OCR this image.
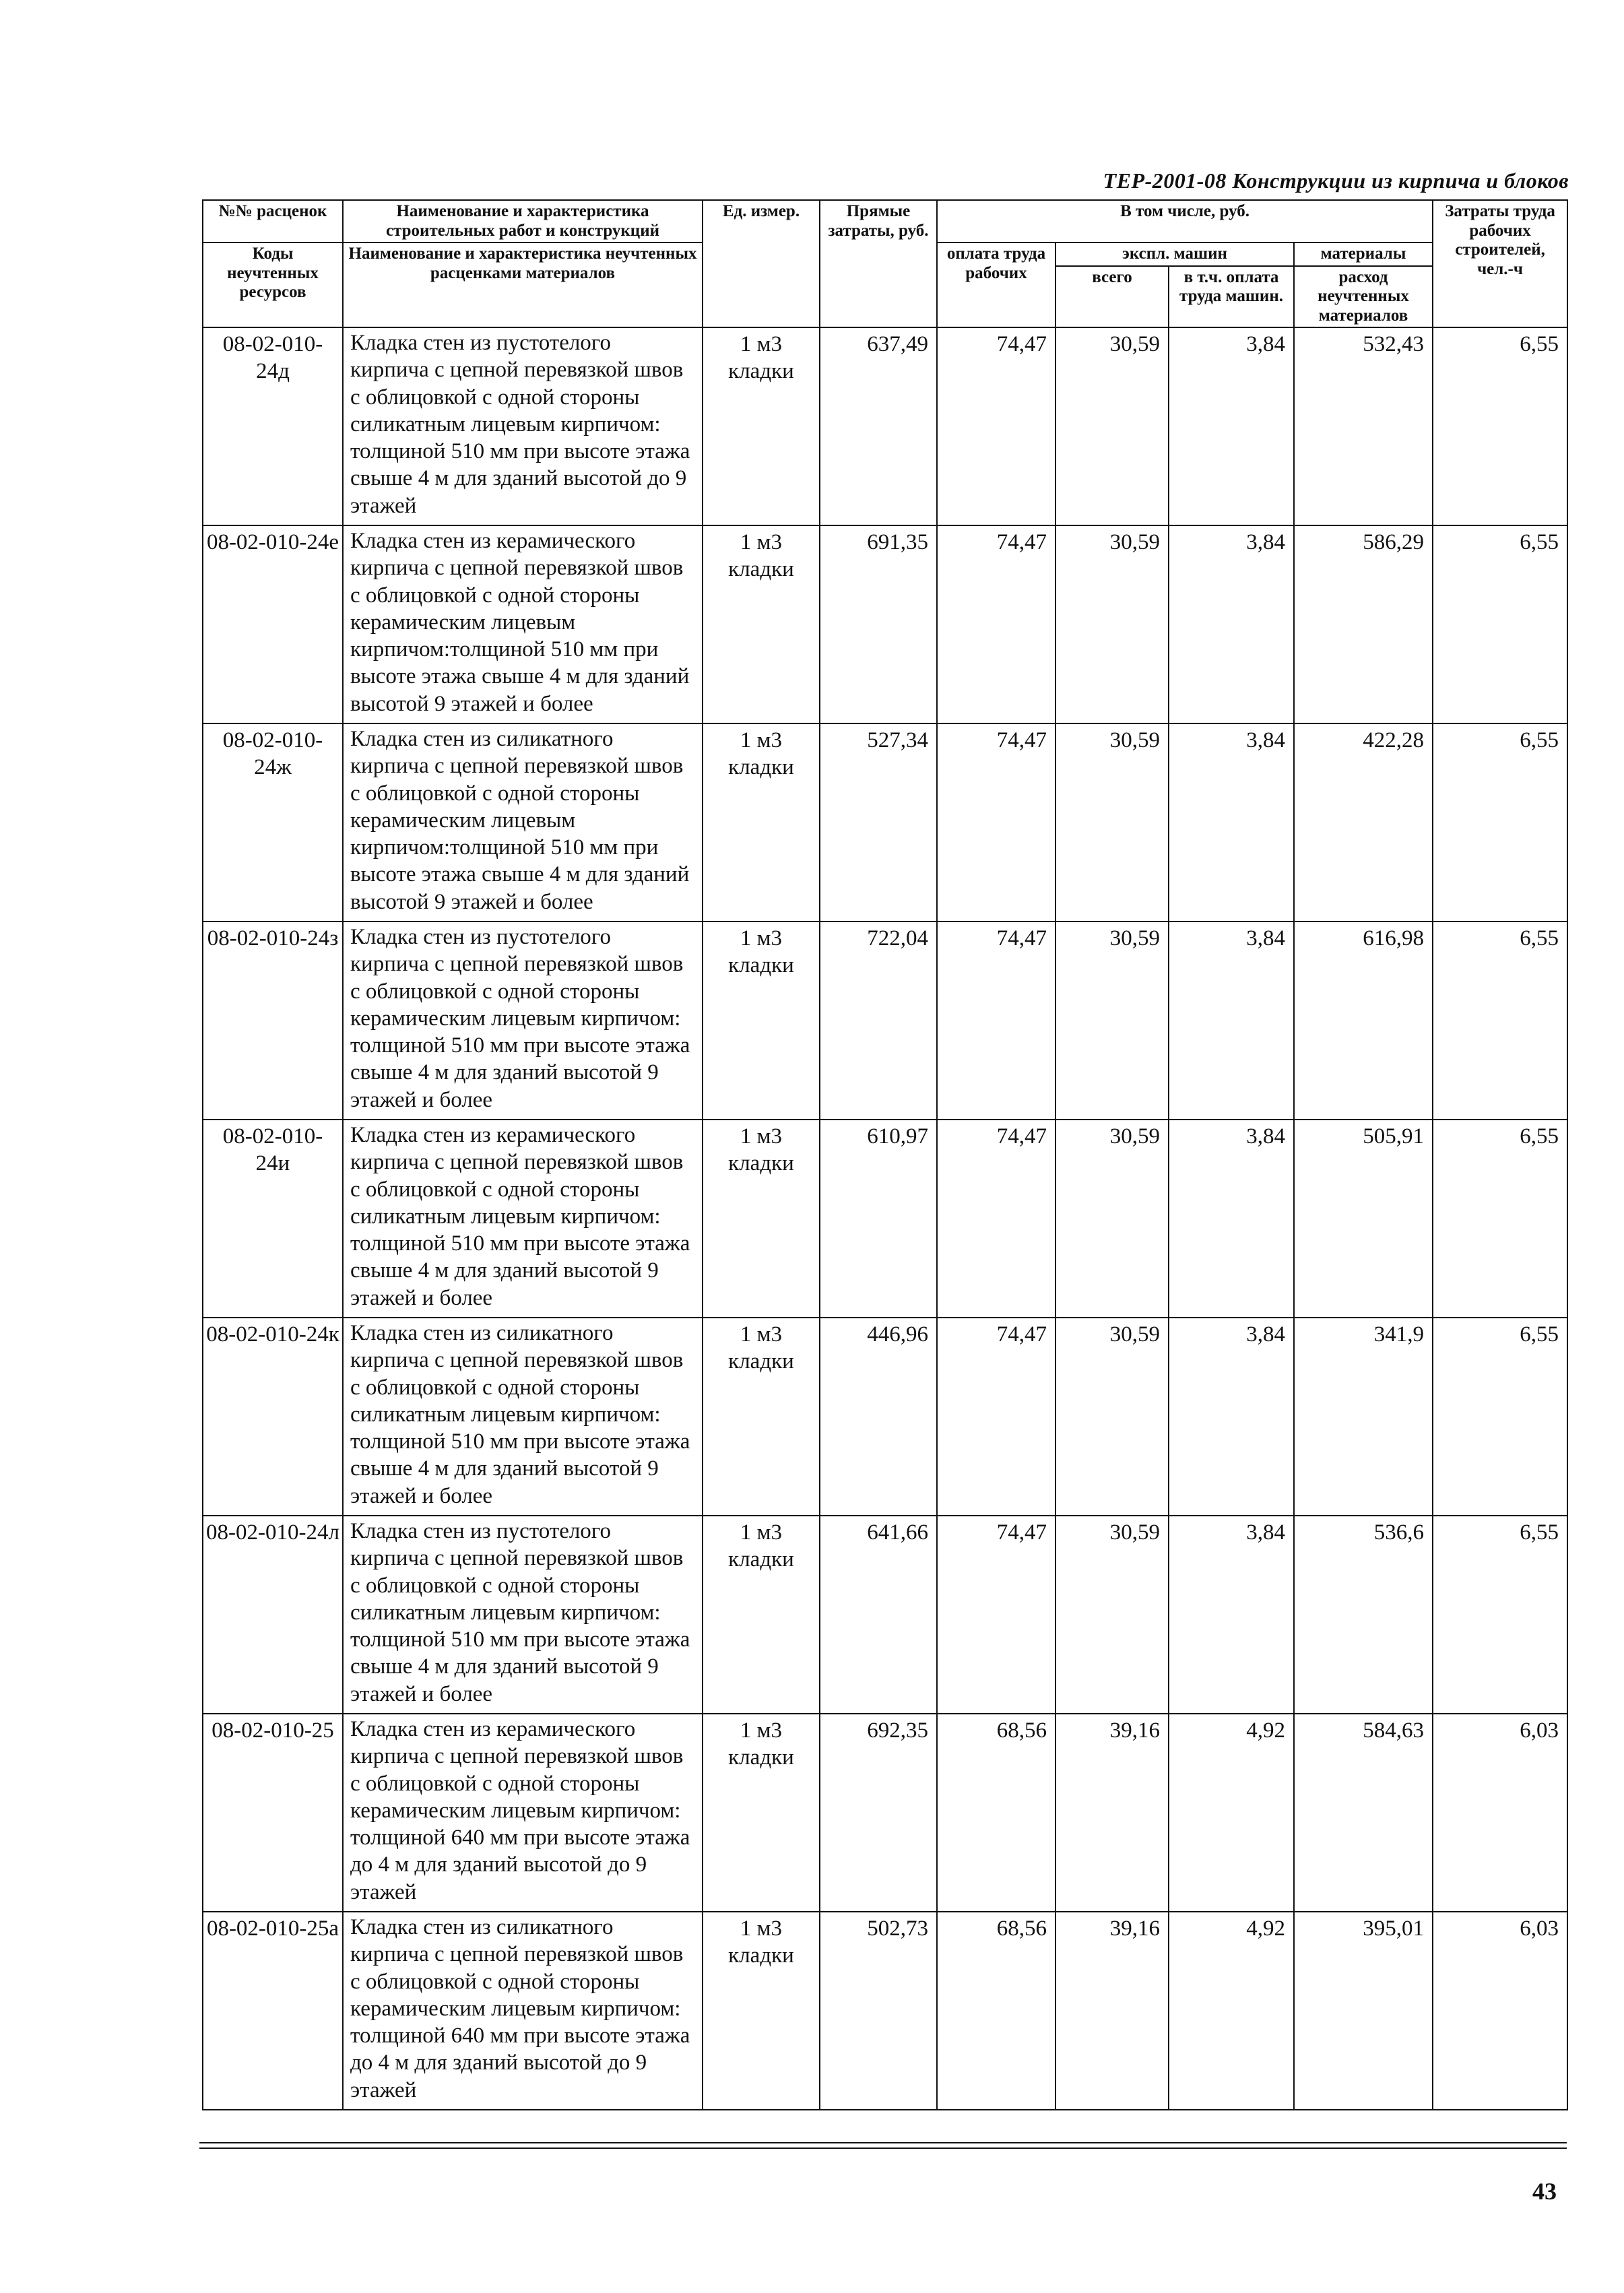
ТЕР-2001-08 Конструкции из кирпича и блоков
№№ расценок	Наименование и характеристика строительных работ и конструкций	Ед. измер.	Прямые затраты, руб.	В том числе, руб.				Затраты труда рабочих строителей, чел.-ч
Коды неучтенных ресурсов	Наименование и характеристика неучтенных расценками материалов			оплата труда рабочих	экспл. машин		материалы	
					всего	в т.ч. оплата труда машин.	расход неучтенных материалов	

08-02-010-24д	Кладка стен из пустотелого кирпича с цепной перевязкой швов с облицовкой с одной стороны силикатным лицевым кирпичом: толщиной 510 мм при высоте этажа свыше 4 м для зданий высотой до 9 этажей	1 м3 кладки	637,49	74,47	30,59	3,84	532,43	6,55
08-02-010-24е	Кладка стен из керамического кирпича с цепной перевязкой швов с облицовкой с одной стороны керамическим лицевым кирпичом:толщиной 510 мм при высоте этажа свыше 4 м для зданий высотой 9 этажей и более	1 м3 кладки	691,35	74,47	30,59	3,84	586,29	6,55
08-02-010-24ж	Кладка стен из силикатного кирпича с цепной перевязкой швов с облицовкой с одной стороны керамическим лицевым кирпичом:толщиной 510 мм при высоте этажа свыше 4 м для зданий высотой 9 этажей и более	1 м3 кладки	527,34	74,47	30,59	3,84	422,28	6,55
08-02-010-24з	Кладка стен из пустотелого кирпича с цепной перевязкой швов с облицовкой с одной стороны керамическим лицевым кирпичом: толщиной 510 мм при высоте этажа свыше 4 м для зданий высотой 9 этажей и более	1 м3 кладки	722,04	74,47	30,59	3,84	616,98	6,55
08-02-010-24и	Кладка стен из керамического кирпича с цепной перевязкой швов с облицовкой с одной стороны силикатным лицевым кирпичом: толщиной 510 мм при высоте этажа свыше 4 м для зданий высотой 9 этажей и более	1 м3 кладки	610,97	74,47	30,59	3,84	505,91	6,55
08-02-010-24к	Кладка стен из силикатного кирпича с цепной перевязкой швов с облицовкой с одной стороны силикатным лицевым кирпичом: толщиной 510 мм при высоте этажа свыше 4 м для зданий высотой 9 этажей и более	1 м3 кладки	446,96	74,47	30,59	3,84	341,9	6,55
08-02-010-24л	Кладка стен из пустотелого кирпича с цепной перевязкой швов с облицовкой с одной стороны силикатным лицевым кирпичом: толщиной 510 мм при высоте этажа свыше 4 м для зданий высотой 9 этажей и более	1 м3 кладки	641,66	74,47	30,59	3,84	536,6	6,55
08-02-010-25	Кладка стен из керамического кирпича с цепной перевязкой швов с облицовкой с одной стороны керамическим лицевым кирпичом: толщиной 640 мм при высоте этажа до 4 м для зданий высотой до 9 этажей	1 м3 кладки	692,35	68,56	39,16	4,92	584,63	6,03
08-02-010-25а	Кладка стен из силикатного кирпича с цепной перевязкой швов с облицовкой с одной стороны керамическим лицевым кирпичом: толщиной 640 мм при высоте этажа до 4 м для зданий высотой до 9 этажей	1 м3 кладки	502,73	68,56	39,16	4,92	395,01	6,03
43
